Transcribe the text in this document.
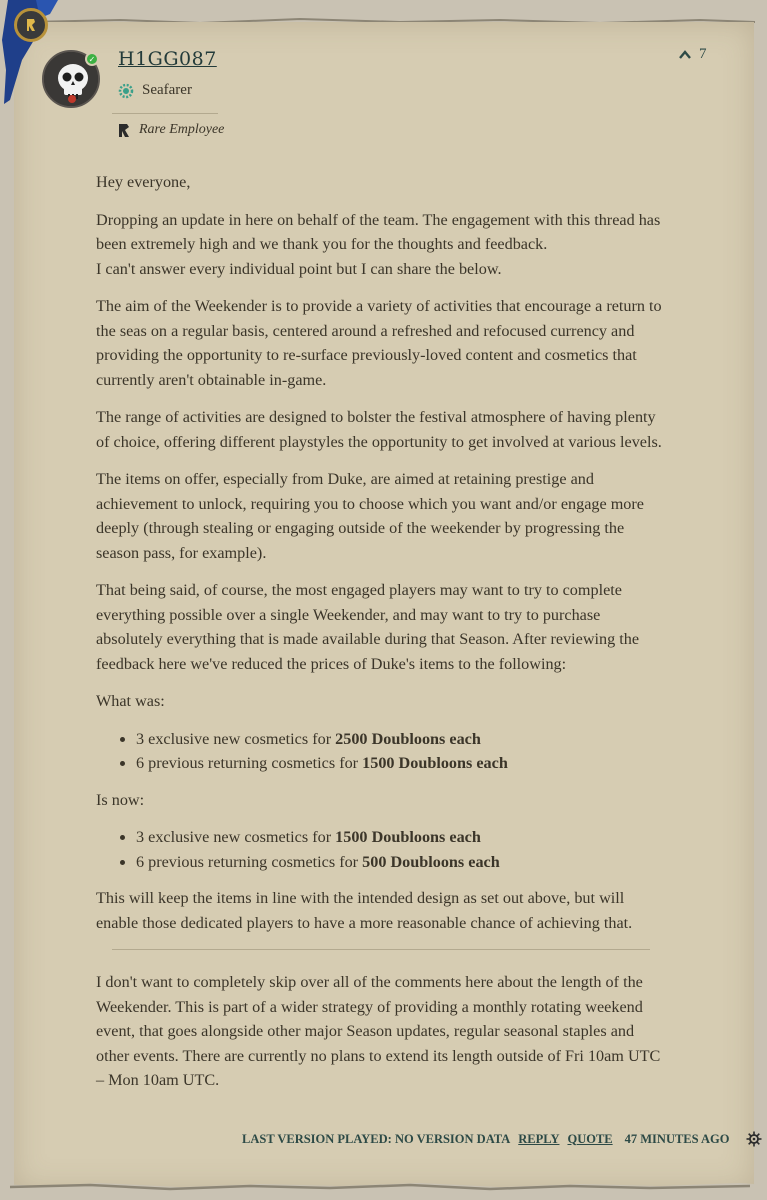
✓ H1GG087
Seafarer
Rare Employee
7

Hey everyone,

Dropping an update in here on behalf of the team. The engagement with this thread has been extremely high and we thank you for the thoughts and feedback.
I can't answer every individual point but I can share the below.

The aim of the Weekender is to provide a variety of activities that encourage a return to the seas on a regular basis, centered around a refreshed and refocused currency and providing the opportunity to re-surface previously-loved content and cosmetics that currently aren't obtainable in-game.

The range of activities are designed to bolster the festival atmosphere of having plenty of choice, offering different playstyles the opportunity to get involved at various levels.

The items on offer, especially from Duke, are aimed at retaining prestige and achievement to unlock, requiring you to choose which you want and/or engage more deeply (through stealing or engaging outside of the weekender by progressing the season pass, for example).

That being said, of course, the most engaged players may want to try to complete everything possible over a single Weekender, and may want to try to purchase absolutely everything that is made available during that Season. After reviewing the feedback here we've reduced the prices of Duke's items to the following:

What was:

• 3 exclusive new cosmetics for 2500 Doubloons each
• 6 previous returning cosmetics for 1500 Doubloons each

Is now:

• 3 exclusive new cosmetics for 1500 Doubloons each
• 6 previous returning cosmetics for 500 Doubloons each

This will keep the items in line with the intended design as set out above, but will enable those dedicated players to have a more reasonable chance of achieving that.

I don't want to completely skip over all of the comments here about the length of the Weekender. This is part of a wider strategy of providing a monthly rotating weekend event, that goes alongside other major Season updates, regular seasonal staples and other events. There are currently no plans to extend its length outside of Fri 10am UTC – Mon 10am UTC.

LAST VERSION PLAYED: NO VERSION DATA REPLY QUOTE 47 MINUTES AGO
